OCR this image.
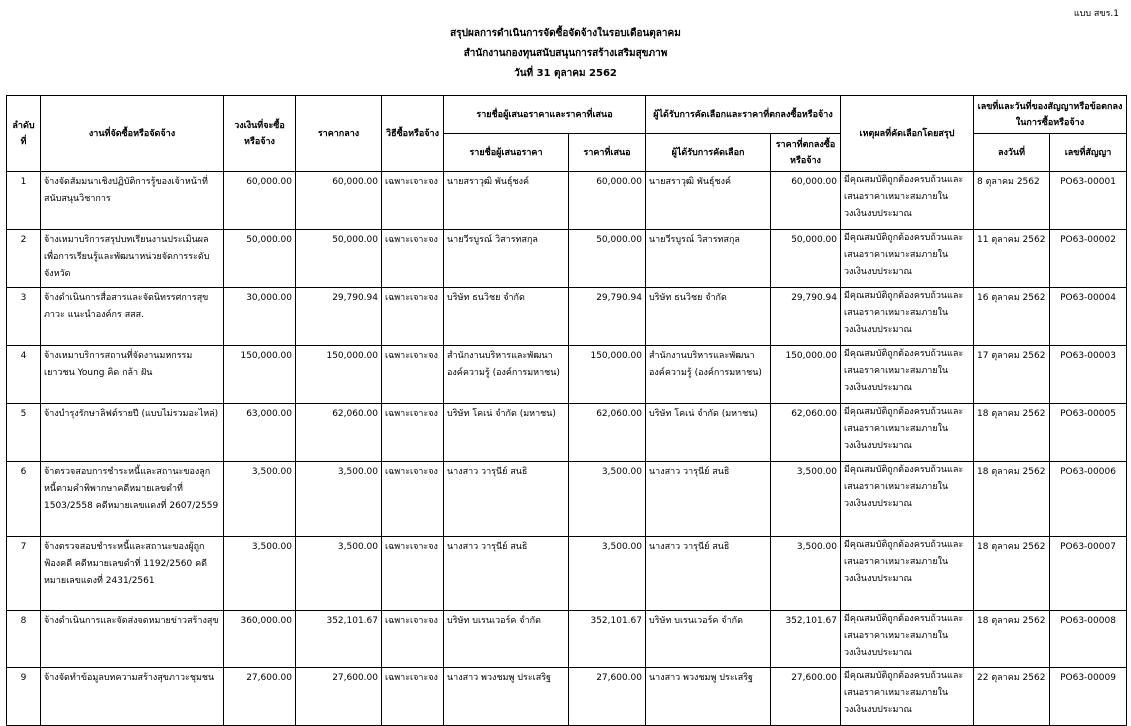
แบบ สขร.1
สรุปผลการดำเนินการจัดซื้อจัดจ้างในรอบเดือนตุลาคม
สำนักงานกองทุนสนับสนุนการสร้างเสริมสุขภาพ
วันที่ 31 ตุลาคม 2562
ลำดับที่	งานที่จัดซื้อหรือจัดจ้าง	วงเงินที่จะซื้อหรือจ้าง	ราคากลาง	วิธีซื้อหรือจ้าง	รายชื่อผู้เสนอราคาและราคาที่เสนอ		ผู้ได้รับการคัดเลือกและราคาที่ตกลงซื้อหรือจ้าง		เหตุผลที่คัดเลือกโดยสรุป	เลขที่และวันที่ของสัญญาหรือข้อตกลงในการซื้อหรือจ้าง	
					รายชื่อผู้เสนอราคา	ราคาที่เสนอ	ผู้ได้รับการคัดเลือก	ราคาที่ตกลงซื้อหรือจ้าง		ลงวันที่	เลขที่สัญญา
1	จ้างจัดสัมมนาเชิงปฏิบัติการรู้ของเจ้าหน้าที่สนับสนุนวิชาการ	60,000.00	60,000.00	เฉพาะเจาะจง	นายสราวุฒิ พันธุ์ชงค์	60,000.00	นายสราวุฒิ พันธุ์ชงค์	60,000.00	มีคุณสมบัติถูกต้องครบถ้วนและเสนอราคาเหมาะสมภายในวงเงินงบประมาณ	8 ตุลาคม 2562	PO63-00001
2	จ้างเหมาบริการสรุปบทเรียนงานประเมินผลเพื่อการเรียนรู้และพัฒนาหน่วยจัดการระดับจังหวัด	50,000.00	50,000.00	เฉพาะเจาะจง	นายวีรบูรณ์ วิสารทสกุล	50,000.00	นายวีรบูรณ์ วิสารทสกุล	50,000.00	มีคุณสมบัติถูกต้องครบถ้วนและเสนอราคาเหมาะสมภายในวงเงินงบประมาณ	11 ตุลาคม 2562	PO63-00002
3	จ้างดำเนินการสื่อสารและจัดนิทรรศการสุขภาวะ แนะนำองค์กร สสส.	30,000.00	29,790.94	เฉพาะเจาะจง	บริษัท ธนวิชย จำกัด	29,790.94	บริษัท ธนวิชย จำกัด	29,790.94	มีคุณสมบัติถูกต้องครบถ้วนและเสนอราคาเหมาะสมภายในวงเงินงบประมาณ	16 ตุลาคม 2562	PO63-00004
4	จ้างเหมาบริการสถานที่จัดงานมหกรรมเยาวชน Young คิด กล้า ฝัน	150,000.00	150,000.00	เฉพาะเจาะจง	สำนักงานบริหารและพัฒนาองค์ความรู้ (องค์การมหาชน)	150,000.00	สำนักงานบริหารและพัฒนาองค์ความรู้ (องค์การมหาชน)	150,000.00	มีคุณสมบัติถูกต้องครบถ้วนและเสนอราคาเหมาะสมภายในวงเงินงบประมาณ	17 ตุลาคม 2562	PO63-00003
5	จ้างบำรุงรักษาลิฟต์รายปี (แบบไม่รวมอะไหล่)	63,000.00	62,060.00	เฉพาะเจาะจง	บริษัท โคเน่ จำกัด (มหาชน)	62,060.00	บริษัท โคเน่ จำกัด (มหาชน)	62,060.00	มีคุณสมบัติถูกต้องครบถ้วนและเสนอราคาเหมาะสมภายในวงเงินงบประมาณ	18 ตุลาคม 2562	PO63-00005
6	จ้าตรวจสอบการชำระหนี้และสถานะของลูกหนี้ตามคำพิพากษาคดีหมายเลขดำที่ 1503/2558 คดีหมายเลขแดงที่ 2607/2559	3,500.00	3,500.00	เฉพาะเจาะจง	นางสาว วารุนีย์ สนธิ	3,500.00	นางสาว วารุนีย์ สนธิ	3,500.00	มีคุณสมบัติถูกต้องครบถ้วนและเสนอราคาเหมาะสมภายในวงเงินงบประมาณ	18 ตุลาคม 2562	PO63-00006
7	จ้างตรวจสอบชำระหนี้และสถานะของผู้ถูกฟ้องคดี คดีหมายเลขดำที่ 1192/2560 คดีหมายเลขแดงที่ 2431/2561	3,500.00	3,500.00	เฉพาะเจาะจง	นางสาว วารุนีย์ สนธิ	3,500.00	นางสาว วารุนีย์ สนธิ	3,500.00	มีคุณสมบัติถูกต้องครบถ้วนและเสนอราคาเหมาะสมภายในวงเงินงบประมาณ	18 ตุลาคม 2562	PO63-00007
8	จ้างดำเนินการและจัดส่งจดหมายข่าวสร้างสุข	360,000.00	352,101.67	เฉพาะเจาะจง	บริษัท บเรนเวอร์ค จำกัด	352,101.67	บริษัท บเรนเวอร์ค จำกัด	352,101.67	มีคุณสมบัติถูกต้องครบถ้วนและเสนอราคาเหมาะสมภายในวงเงินงบประมาณ	18 ตุลาคม 2562	PO63-00008
9	จ้างจัดทำข้อมูลบทความสร้างสุขภาวะชุมชน	27,600.00	27,600.00	เฉพาะเจาะจง	นางสาว พวงชมพู ประเสริฐ	27,600.00	นางสาว พวงชมพู ประเสริฐ	27,600.00	มีคุณสมบัติถูกต้องครบถ้วนและเสนอราคาเหมาะสมภายในวงเงินงบประมาณ	22 ตุลาคม 2562	PO63-00009
